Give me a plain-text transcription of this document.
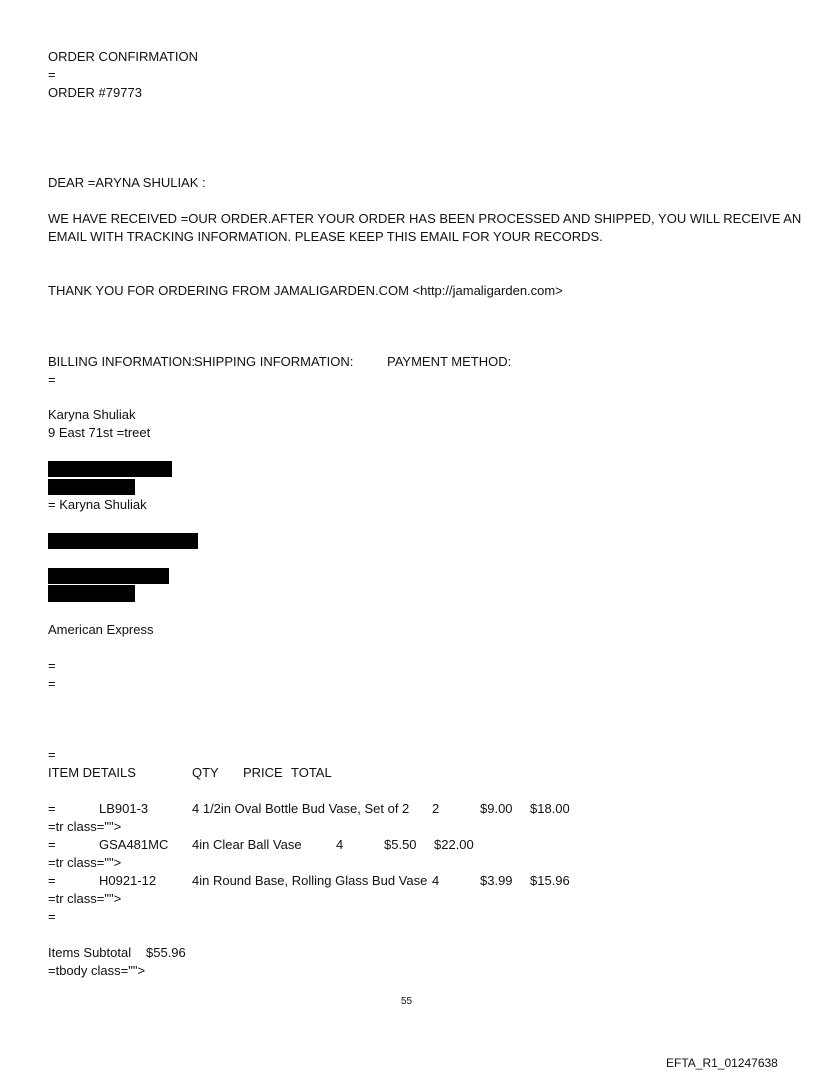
ORDER CONFIRMATION
=
ORDER #79773
DEAR =ARYNA SHULIAK :
WE HAVE RECEIVED =OUR ORDER.AFTER YOUR ORDER HAS BEEN PROCESSED AND SHIPPED, YOU WILL RECEIVE AN
EMAIL WITH TRACKING INFORMATION. PLEASE KEEP THIS EMAIL FOR YOUR RECORDS.
THANK YOU FOR ORDERING FROM JAMALIGARDEN.COM <http://jamaligarden.com>
BILLING INFORMATION:
SHIPPING INFORMATION:	PAYMENT METHOD:
=
Karyna Shuliak
9 East 71st =treet
= Karyna Shuliak
American Express
=
=
=
ITEM DETAILS	QTY PRICE TOTAL
=	LB901-3	4 1/2in Oval Bottle Bud Vase, Set of 2 2	$9.00 $18.00
=tr class="">
=	GSA481MC 4in Clear Ball Vase	4	$5.50 $22.00
=tr class="">
=	H0921-12	4in Round Base, Rolling Glass Bud Vase 4	$3.99 $15.96
=tr class="">
=
Items Subtotal $55.96
=tbody class="">
55
EFTA_R1_01247638
